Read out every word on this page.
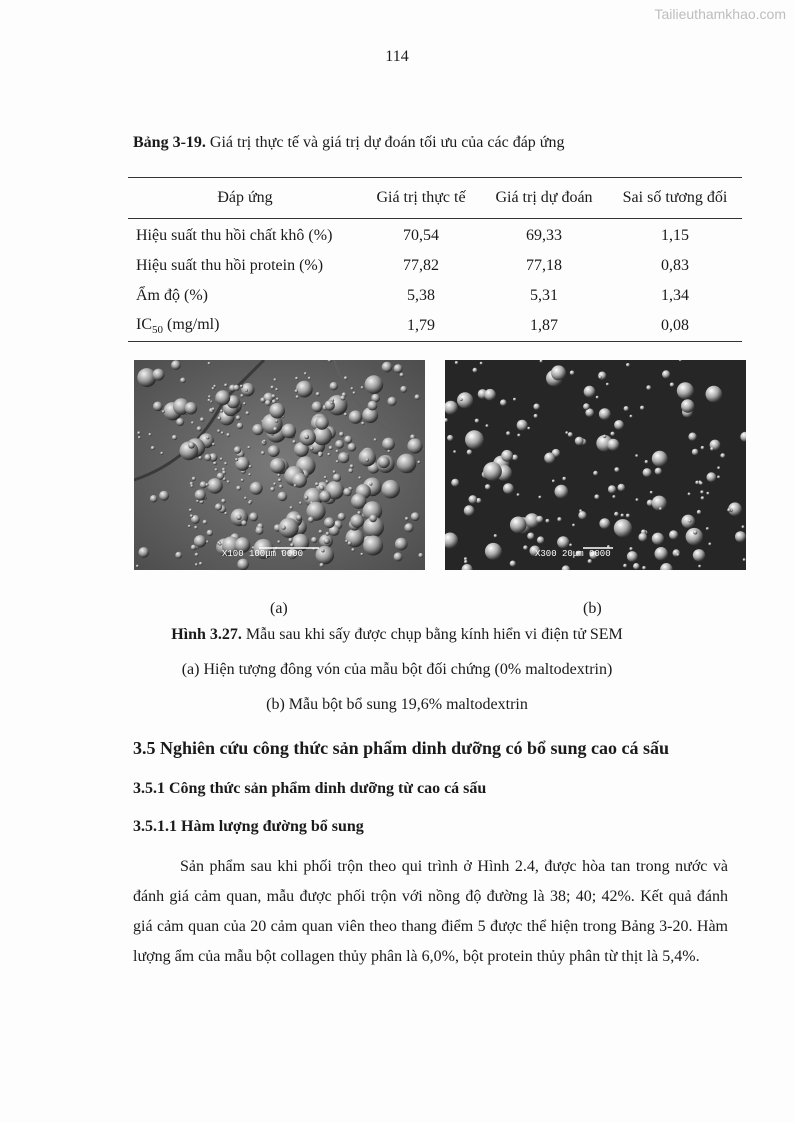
Tailieuthamkhao.com
114
Bảng 3-19. Giá trị thực tế và giá trị dự đoán tối ưu của các đáp ứng
Đáp ứng	Giá trị thực tế	Giá trị dự đoán	Sai số tương đối
Hiệu suất thu hồi chất khô (%)	70,54	69,33	1,15
Hiệu suất thu hồi protein (%)	77,82	77,18	0,83
Ẩm độ (%)	5,38	5,31	1,34
$IC_{50}$ (mg/ml)	1,79	1,87	0,08
X100 100μm 0000	X300 20μm 0000
(a)	(b)
Hình 3.27. Mẫu sau khi sấy được chụp bằng kính hiển vi điện tử SEM
(a) Hiện tượng đông vón của mẫu bột đối chứng (0% maltodextrin)
(b) Mẫu bột bổ sung 19,6% maltodextrin
3.5 Nghiên cứu công thức sản phẩm dinh dưỡng có bổ sung cao cá sấu
3.5.1 Công thức sản phẩm dinh dưỡng từ cao cá sấu
3.5.1.1 Hàm lượng đường bổ sung
Sản phẩm sau khi phối trộn theo qui trình ở Hình 2.4, được hòa tan trong nước và đánh giá cảm quan, mẫu được phối trộn với nồng độ đường là 38; 40; 42%. Kết quả đánh giá cảm quan của 20 cảm quan viên theo thang điểm 5 được thể hiện trong Bảng 3-20. Hàm lượng ẩm của mẫu bột collagen thủy phân là 6,0%, bột protein thủy phân từ thịt là 5,4%.
